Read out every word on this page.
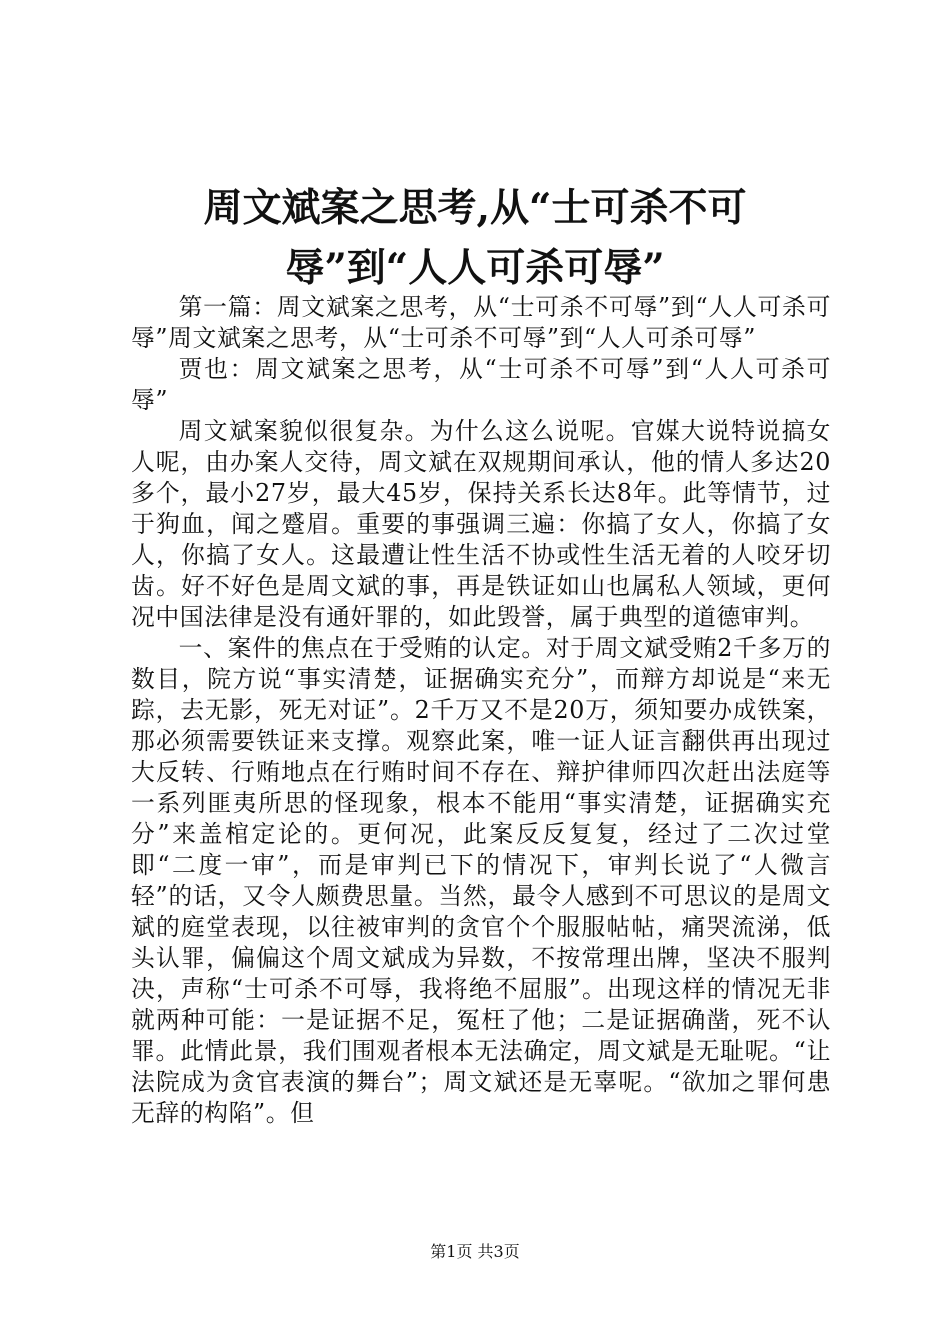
周文斌案之思考,从“士可杀不可辱”到“人人可杀可辱”

第一篇：周文斌案之思考，从“士可杀不可辱”到“人人可杀可辱”周文斌案之思考，从“士可杀不可辱”到“人人可杀可辱”

贾也：周文斌案之思考，从“士可杀不可辱”到“人人可杀可辱”

周文斌案貌似很复杂。为什么这么说呢。官媒大说特说搞女人呢，由办案人交待，周文斌在双规期间承认，他的情人多达20多个，最小27岁，最大45岁，保持关系长达8年。此等情节，过于狗血，闻之蹙眉。重要的事强调三遍：你搞了女人，你搞了女人，你搞了女人。这最遭让性生活不协或性生活无着的人咬牙切齿。好不好色是周文斌的事，再是铁证如山也属私人领域，更何况中国法律是没有通奸罪的，如此毁誉，属于典型的道德审判。

一、案件的焦点在于受贿的认定。对于周文斌受贿2千多万的数目，院方说“事实清楚，证据确实充分”，而辩方却说是“来无踪，去无影，死无对证”。2千万又不是20万，须知要办成铁案，那必须需要铁证来支撑。观察此案，唯一证人证言翻供再出现过大反转、行贿地点在行贿时间不存在、辩护律师四次赶出法庭等一系列匪夷所思的怪现象，根本不能用“事实清楚，证据确实充分”来盖棺定论的。更何况，此案反反复复，经过了二次过堂即“二度一审”，而是审判已下的情况下，审判长说了“人微言轻”的话，又令人颇费思量。当然，最令人感到不可思议的是周文斌的庭堂表现，以往被审判的贪官个个服服帖帖，痛哭流涕，低头认罪，偏偏这个周文斌成为异数，不按常理出牌，坚决不服判决，声称“士可杀不可辱，我将绝不屈服”。出现这样的情况无非就两种可能：一是证据不足，冤枉了他；二是证据确凿，死不认罪。此情此景，我们围观者根本无法确定，周文斌是无耻呢。“让法院成为贪官表演的舞台”；周文斌还是无辜呢。“欲加之罪何患无辞的构陷”。但

第1页 共3页
